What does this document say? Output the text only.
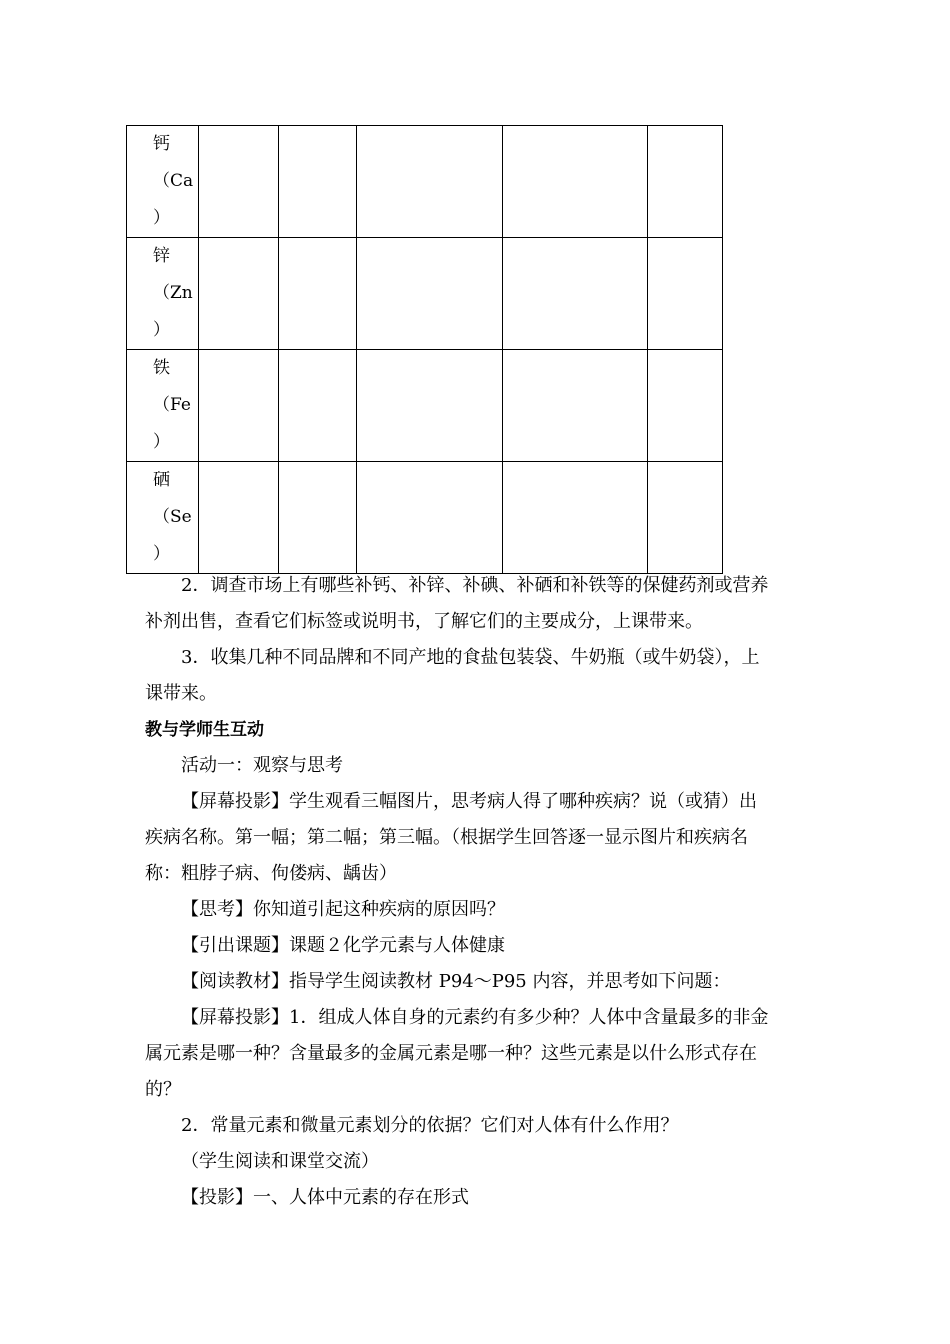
钙
（Ca
）					

锌
（Zn
）					

铁
（Fe
）					

硒
（Se
）					

2．调查市场上有哪些补钙、补锌、补碘、补硒和补铁等的保健药剂或营养

补剂出售，查看它们标签或说明书，了解它们的主要成分，上课带来。

3．收集几种不同品牌和不同产地的食盐包装袋、牛奶瓶（或牛奶袋），上

课带来。

教与学师生互动

活动一：观察与思考

【屏幕投影】学生观看三幅图片，思考病人得了哪种疾病？说（或猜）出

疾病名称。第一幅；第二幅；第三幅。（根据学生回答逐一显示图片和疾病名

称：粗脖子病、佝偻病、龋齿）

【思考】你知道引起这种疾病的原因吗？

【引出课题】课题２化学元素与人体健康

【阅读教材】指导学生阅读教材 P94～P95 内容，并思考如下问题：

【屏幕投影】1．组成人体自身的元素约有多少种？人体中含量最多的非金

属元素是哪一种？含量最多的金属元素是哪一种？这些元素是以什么形式存在

的？

2．常量元素和微量元素划分的依据？它们对人体有什么作用？

（学生阅读和课堂交流）

【投影】一、人体中元素的存在形式
